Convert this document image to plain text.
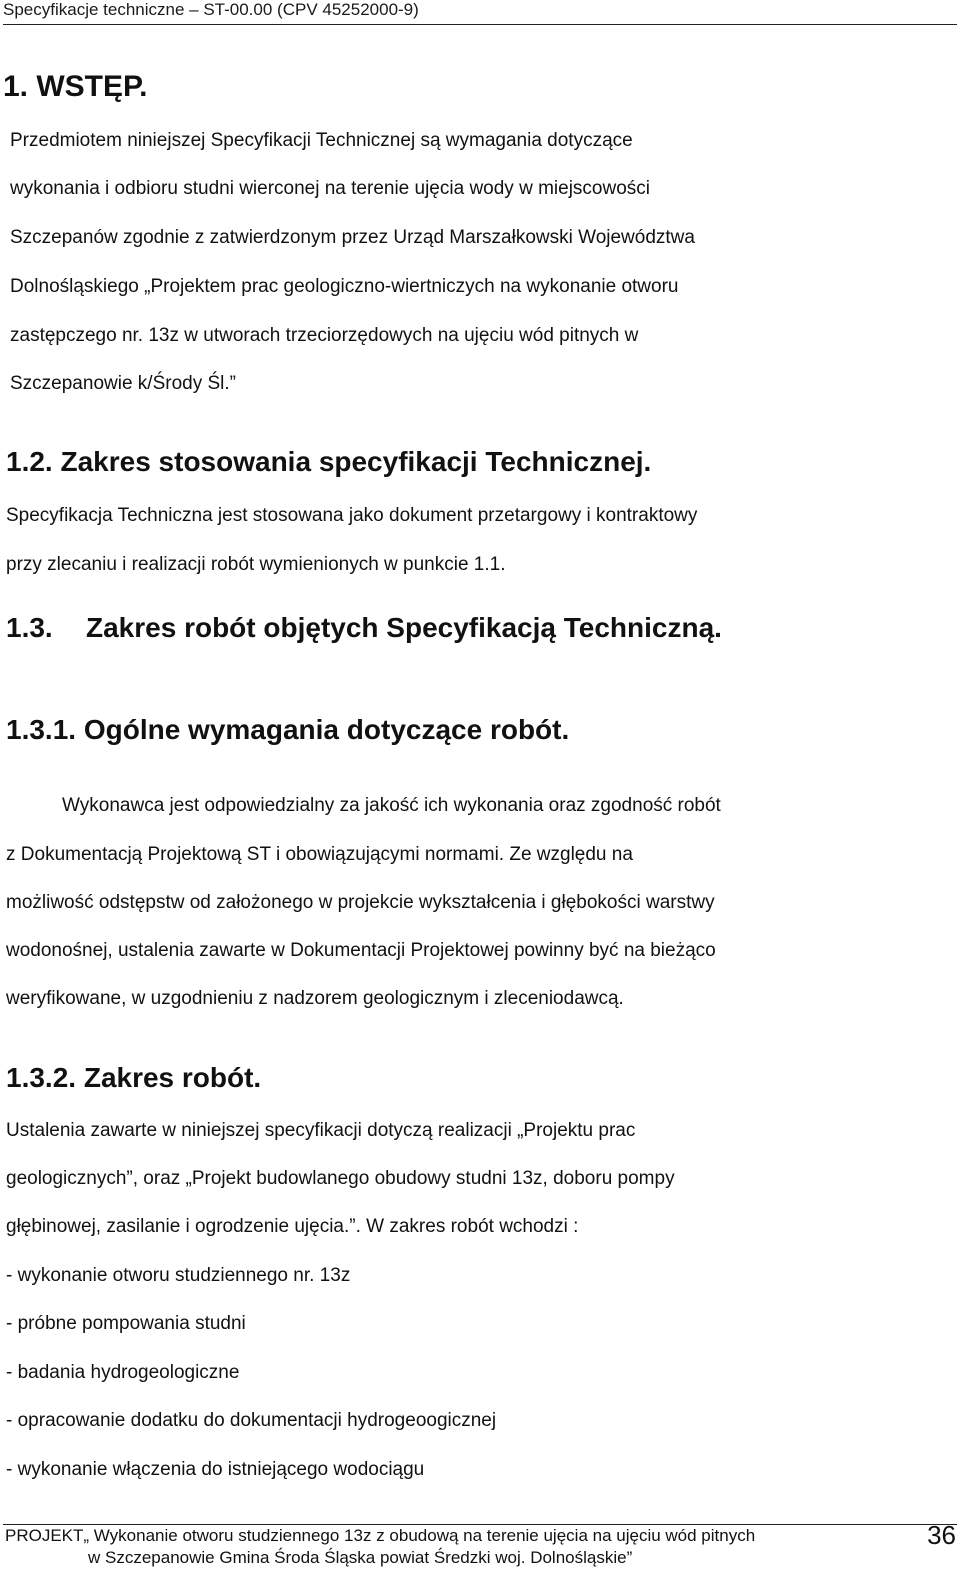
Specyfikacje techniczne – ST-00.00 (CPV 45252000-9)
1. WSTĘP.
Przedmiotem niniejszej Specyfikacji Technicznej są wymagania dotyczące
wykonania i odbioru studni wierconej na terenie ujęcia wody w miejscowości
Szczepanów zgodnie z zatwierdzonym przez Urząd Marszałkowski Województwa
Dolnośląskiego „Projektem prac geologiczno-wiertniczych na wykonanie otworu
zastępczego nr. 13z w utworach trzeciorzędowych na ujęciu wód pitnych w
Szczepanowie k/Środy Śl.”
1.2. Zakres stosowania specyfikacji Technicznej.
Specyfikacja Techniczna jest stosowana jako dokument przetargowy i kontraktowy
przy zlecaniu i realizacji robót wymienionych w punkcie 1.1.
1.3. Zakres robót objętych Specyfikacją Techniczną.
1.3.1. Ogólne wymagania dotyczące robót.
Wykonawca jest odpowiedzialny za jakość ich wykonania oraz zgodność robót
z Dokumentacją Projektową ST i obowiązującymi normami. Ze względu na
możliwość odstępstw od założonego w projekcie wykształcenia i głębokości warstwy
wodonośnej, ustalenia zawarte w Dokumentacji Projektowej powinny być na bieżąco
weryfikowane, w uzgodnieniu z nadzorem geologicznym i zleceniodawcą.
1.3.2. Zakres robót.
Ustalenia zawarte w niniejszej specyfikacji dotyczą realizacji „Projektu prac
geologicznych”, oraz „Projekt budowlanego obudowy studni 13z, doboru pompy
głębinowej, zasilanie i ogrodzenie ujęcia.”. W zakres robót wchodzi :
- wykonanie otworu studziennego nr. 13z
- próbne pompowania studni
- badania hydrogeologiczne
- opracowanie dodatku do dokumentacji hydrogeoogicznej
- wykonanie włączenia do istniejącego wodociągu
PROJEKT„ Wykonanie otworu studziennego 13z z obudową na terenie ujęcia na ujęciu wód pitnych
w Szczepanowie Gmina Środa Śląska powiat Średzki woj. Dolnośląskie”
36
